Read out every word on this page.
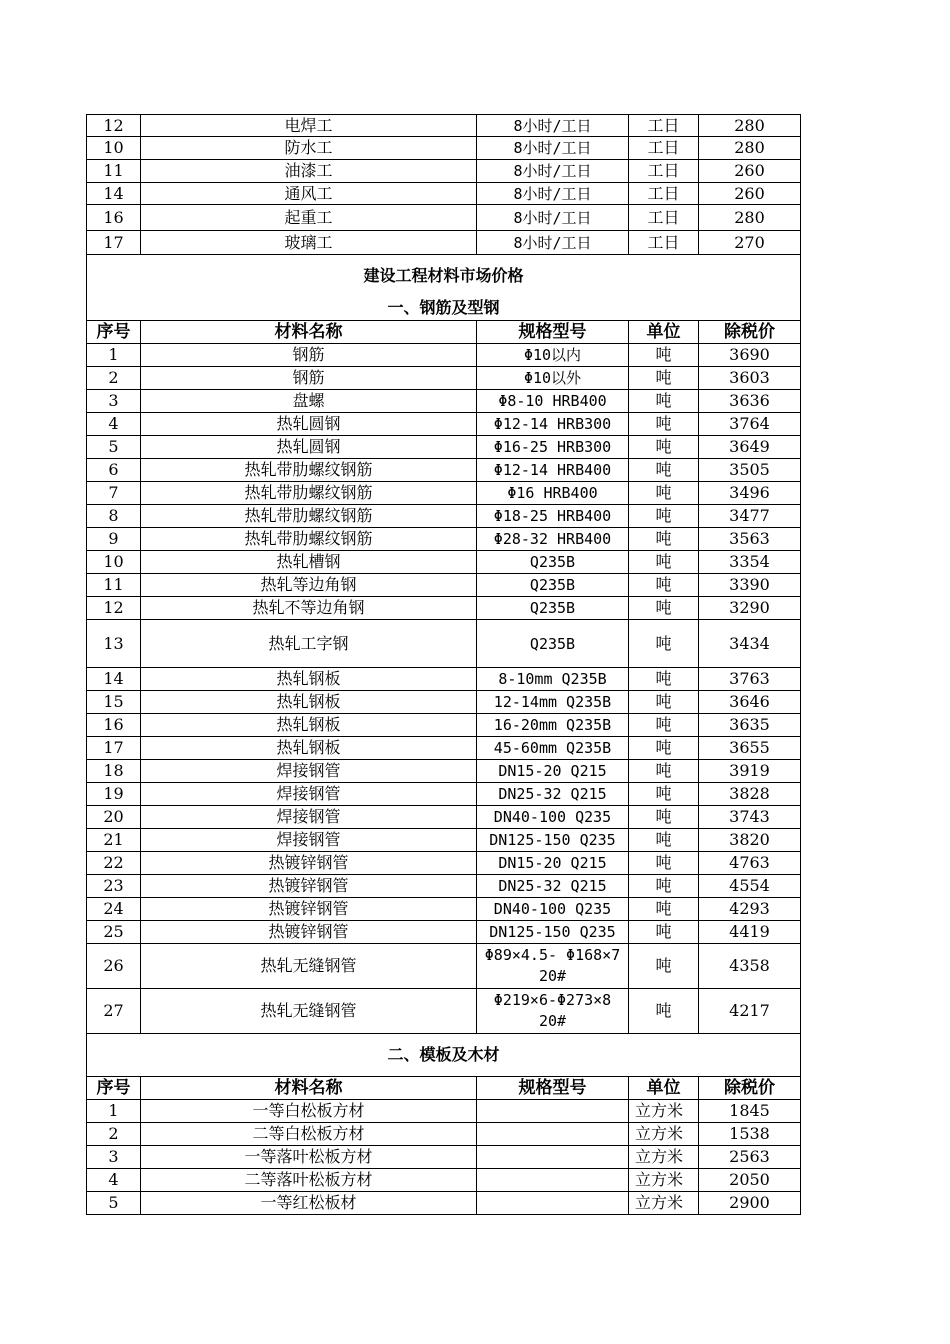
12	电焊工	8小时/工日	工日	280
10	防水工	8小时/工日	工日	280
11	油漆工	8小时/工日	工日	260
14	通风工	8小时/工日	工日	260
16	起重工	8小时/工日	工日	280
17	玻璃工	8小时/工日	工日	270
建设工程材料市场价格				
一、钢筋及型钢				
序号	材料名称	规格型号	单位	除税价
1	钢筋	Φ10以内	吨	3690
2	钢筋	Φ10以外	吨	3603
3	盘螺	Φ8-10 HRB400	吨	3636
4	热轧圆钢	Φ12-14 HRB300	吨	3764
5	热轧圆钢	Φ16-25 HRB300	吨	3649
6	热轧带肋螺纹钢筋	Φ12-14 HRB400	吨	3505
7	热轧带肋螺纹钢筋	Φ16 HRB400	吨	3496
8	热轧带肋螺纹钢筋	Φ18-25 HRB400	吨	3477
9	热轧带肋螺纹钢筋	Φ28-32 HRB400	吨	3563
10	热轧槽钢	Q235B	吨	3354
11	热轧等边角钢	Q235B	吨	3390
12	热轧不等边角钢	Q235B	吨	3290
13	热轧工字钢	Q235B	吨	3434
14	热轧钢板	8-10mm Q235B	吨	3763
15	热轧钢板	12-14mm Q235B	吨	3646
16	热轧钢板	16-20mm Q235B	吨	3635
17	热轧钢板	45-60mm Q235B	吨	3655
18	焊接钢管	DN15-20 Q215	吨	3919
19	焊接钢管	DN25-32 Q215	吨	3828
20	焊接钢管	DN40-100 Q235	吨	3743
21	焊接钢管	DN125-150 Q235	吨	3820
22	热镀锌钢管	DN15-20 Q215	吨	4763
23	热镀锌钢管	DN25-32 Q215	吨	4554
24	热镀锌钢管	DN40-100 Q235	吨	4293
25	热镀锌钢管	DN125-150 Q235	吨	4419
26	热轧无缝钢管	Φ89×4.5- Φ168×7 20#	吨	4358
27	热轧无缝钢管	Φ219×6-Φ273×8 20#	吨	4217
二、模板及木材				
序号	材料名称	规格型号	单位	除税价
1	一等白松板方材		立方米	1845
2	二等白松板方材		立方米	1538
3	一等落叶松板方材		立方米	2563
4	二等落叶松板方材		立方米	2050
5	一等红松板材		立方米	2900
